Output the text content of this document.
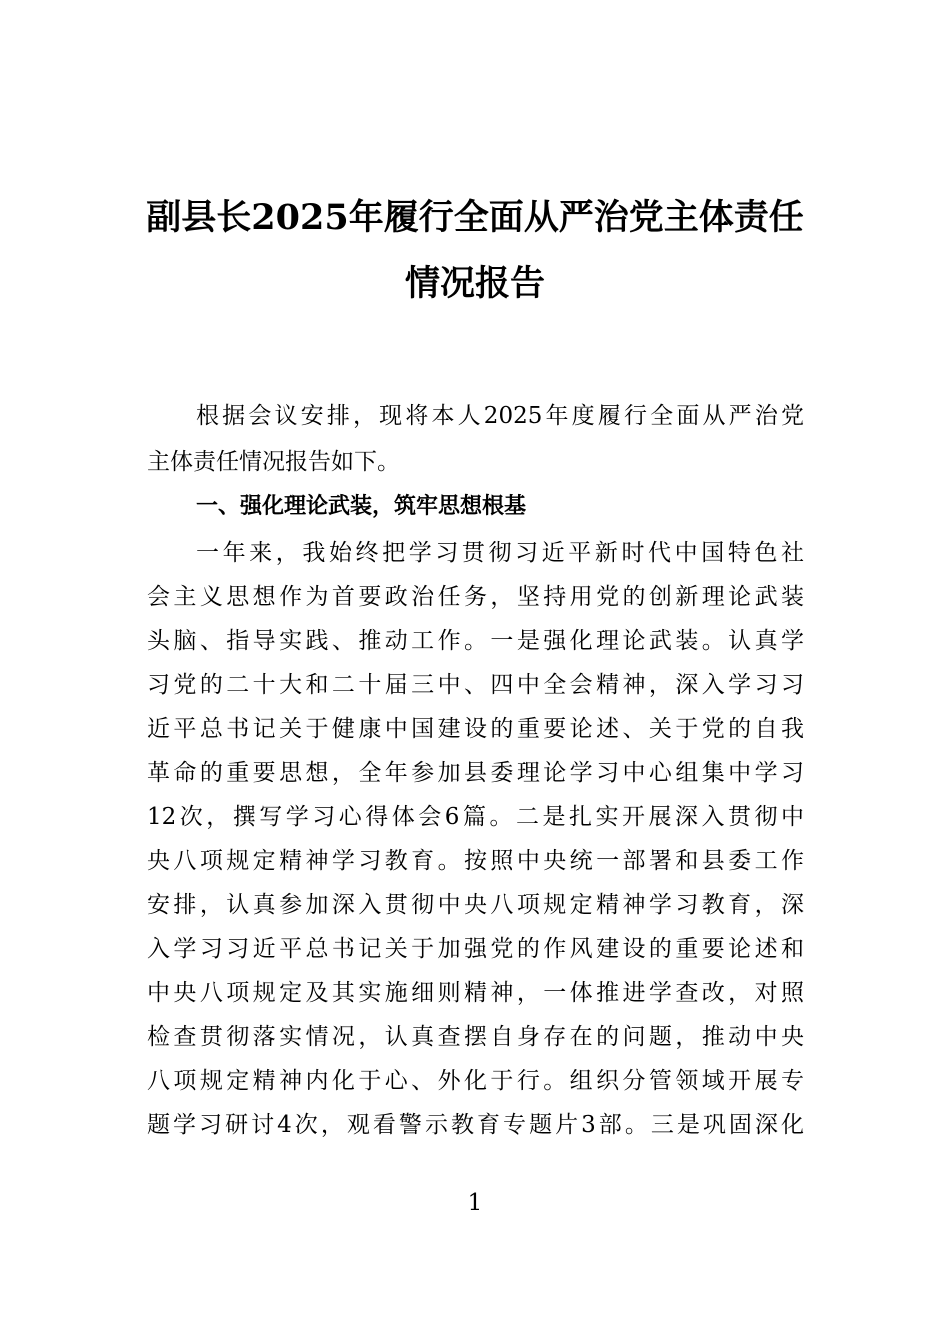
副县长2025年履行全面从严治党主体责任
情况报告
根据会议安排，现将本人2025年度履行全面从严治党
主体责任情况报告如下。
一、强化理论武装，筑牢思想根基
一年来，我始终把学习贯彻习近平新时代中国特色社
会主义思想作为首要政治任务，坚持用党的创新理论武装
头脑、指导实践、推动工作。一是强化理论武装。认真学
习党的二十大和二十届三中、四中全会精神，深入学习习
近平总书记关于健康中国建设的重要论述、关于党的自我
革命的重要思想，全年参加县委理论学习中心组集中学习
12次，撰写学习心得体会6篇。二是扎实开展深入贯彻中
央八项规定精神学习教育。按照中央统一部署和县委工作
安排，认真参加深入贯彻中央八项规定精神学习教育，深
入学习习近平总书记关于加强党的作风建设的重要论述和
中央八项规定及其实施细则精神，一体推进学查改，对照
检查贯彻落实情况，认真查摆自身存在的问题，推动中央
八项规定精神内化于心、外化于行。组织分管领域开展专
题学习研讨4次，观看警示教育专题片3部。三是巩固深化
1
